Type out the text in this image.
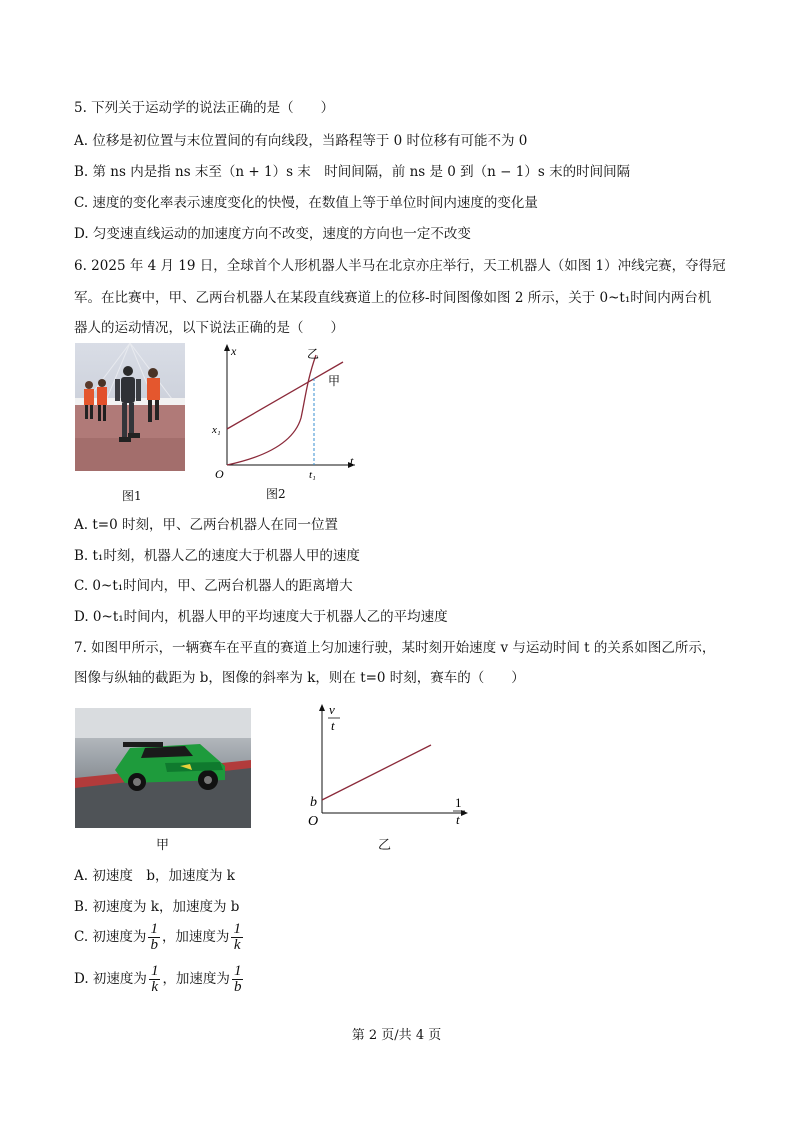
5. 下列关于运动学的说法正确的是（　　）
A. 位移是初位置与末位置间的有向线段，当路程等于 0 时位移有可能不为 0
B. 第 ns 内是指 ns 末至（n + 1）s 末　时间间隔，前 ns 是 0 到（n − 1）s 末的时间间隔
C. 速度的变化率表示速度变化的快慢，在数值上等于单位时间内速度的变化量
D. 匀变速直线运动的加速度方向不改变，速度的方向也一定不改变
6. 2025 年 4 月 19 日，全球首个人形机器人半马在北京亦庄举行，天工机器人（如图 1）冲线完赛，夺得冠
军。在比赛中，甲、乙两台机器人在某段直线赛道上的位移-时间图像如图 2 所示，关于 0~t₁时间内两台机
器人的运动情况，以下说法正确的是（　　）
图1
x
t
O
x₁
t₁
甲
乙
图2
A. t=0 时刻，甲、乙两台机器人在同一位置
B. t₁时刻，机器人乙的速度大于机器人甲的速度
C. 0~t₁时间内，甲、乙两台机器人的距离增大
D. 0~t₁时间内，机器人甲的平均速度大于机器人乙的平均速度
7. 如图甲所示，一辆赛车在平直的赛道上匀加速行驶，某时刻开始速度 v 与运动时间 t 的关系如图乙所示，
图像与纵轴的截距为 b，图像的斜率为 k，则在 t=0 时刻，赛车的（　　）
甲
v
t
1
t
b
O
乙
A. 初速度　b，加速度为 k
B. 初速度为 k，加速度为 b
C. 初速度为 $\frac{1}{b}$ ，加速度为 $\frac{1}{k}$
D. 初速度为 $\frac{1}{k}$ ，加速度为 $\frac{1}{b}$
第 2 页/共 4 页
